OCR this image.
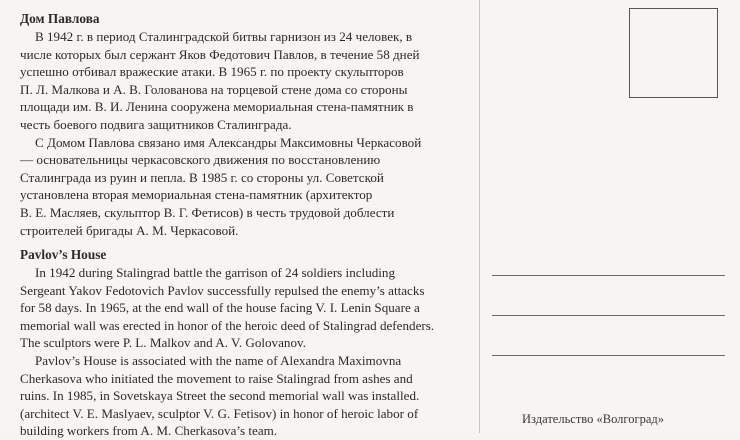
Дом Павлова

В 1942 г. в период Сталинградской битвы гарнизон из 24 человек, в
числе которых был сержант Яков Федотович Павлов, в течение 58 дней
успешно отбивал вражеские атаки. В 1965 г. по проекту скульпторов
П. Л. Малкова и А. В. Голованова на торцевой стене дома со стороны
площади им. В. И. Ленина сооружена мемориальная стена-памятник в
честь боевого подвига защитников Сталинграда.
С Домом Павлова связано имя Александры Максимовны Черкасовой
— основательницы черкасовского движения по восстановлению
Сталинграда из руин и пепла. В 1985 г. со стороны ул. Советской
установлена вторая мемориальная стена-памятник (архитектор
В. Е. Масляев, скульптор В. Г. Фетисов) в честь трудовой доблести
строителей бригады А. М. Черкасовой.

Pavlov’s House

In 1942 during Stalingrad battle the garrison of 24 soldiers including
Sergeant Yakov Fedotovich Pavlov successfully repulsed the enemy’s attacks
for 58 days. In 1965, at the end wall of the house facing V. I. Lenin Square a
memorial wall was erected in honor of the heroic deed of Stalingrad defenders.
The sculptors were P. L. Malkov and A. V. Golovanov.
Pavlov’s House is associated with the name of Alexandra Maximovna
Cherkasova who initiated the movement to raise Stalingrad from ashes and
ruins. In 1985, in Sovetskaya Street the second memorial wall was installed.
(architect V. E. Maslyaev, sculptor V. G. Fetisov) in honor of heroic labor of
building workers from A. M. Cherkasova’s team.
Издательство «Волгоград»
